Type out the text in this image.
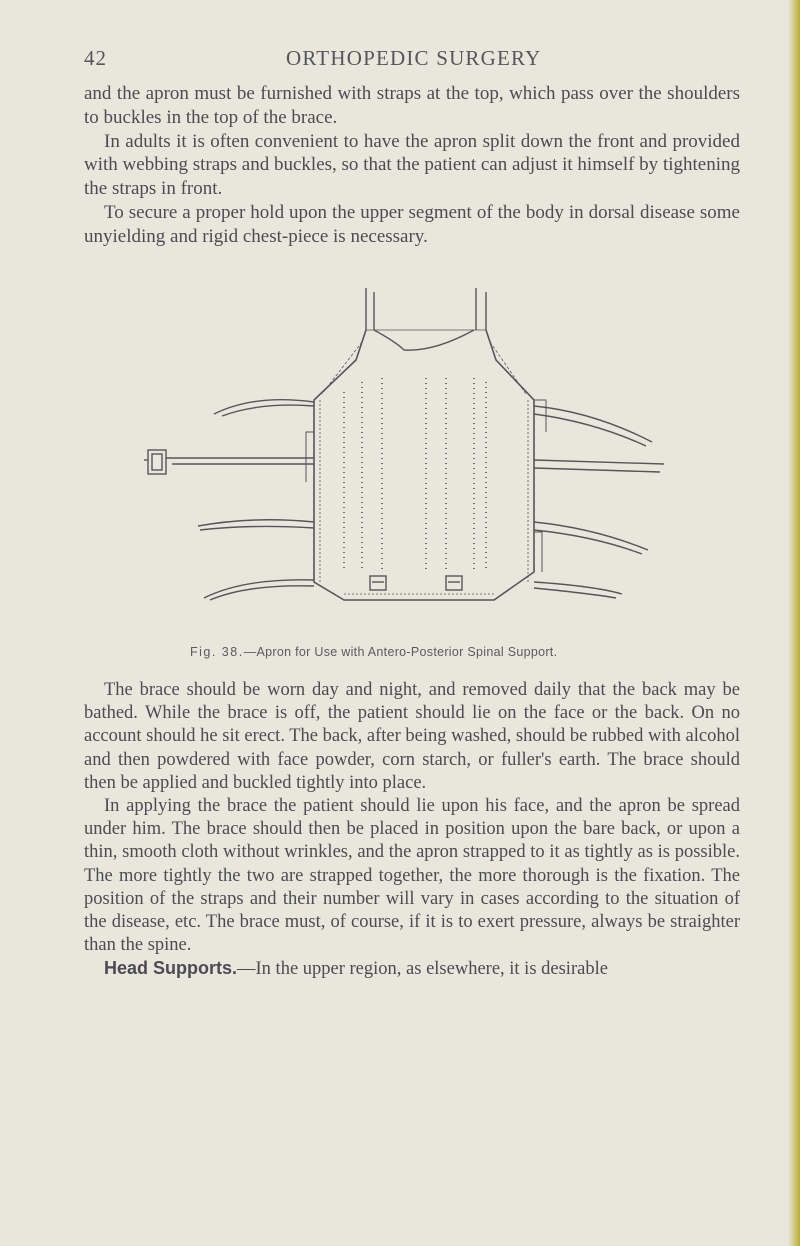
42	ORTHOPEDIC SURGERY

and the apron must be furnished with straps at the top, which pass over the shoulders to buckles in the top of the brace.

In adults it is often convenient to have the apron split down the front and provided with webbing straps and buckles, so that the patient can adjust it himself by tightening the straps in front.

To secure a proper hold upon the upper segment of the body in dorsal disease some unyielding and rigid chest-piece is necessary.

Fig. 38.—Apron for Use with Antero-Posterior Spinal Support.

The brace should be worn day and night, and removed daily that the back may be bathed. While the brace is off, the patient should lie on the face or the back. On no account should he sit erect. The back, after being washed, should be rubbed with alcohol and then powdered with face powder, corn starch, or fuller's earth. The brace should then be applied and buckled tightly into place.

In applying the brace the patient should lie upon his face, and the apron be spread under him. The brace should then be placed in position upon the bare back, or upon a thin, smooth cloth without wrinkles, and the apron strapped to it as tightly as is possible. The more tightly the two are strapped together, the more thorough is the fixation. The position of the straps and their number will vary in cases according to the situation of the disease, etc. The brace must, of course, if it is to exert pressure, always be straighter than the spine.

Head Supports.—In the upper region, as elsewhere, it is desirable
